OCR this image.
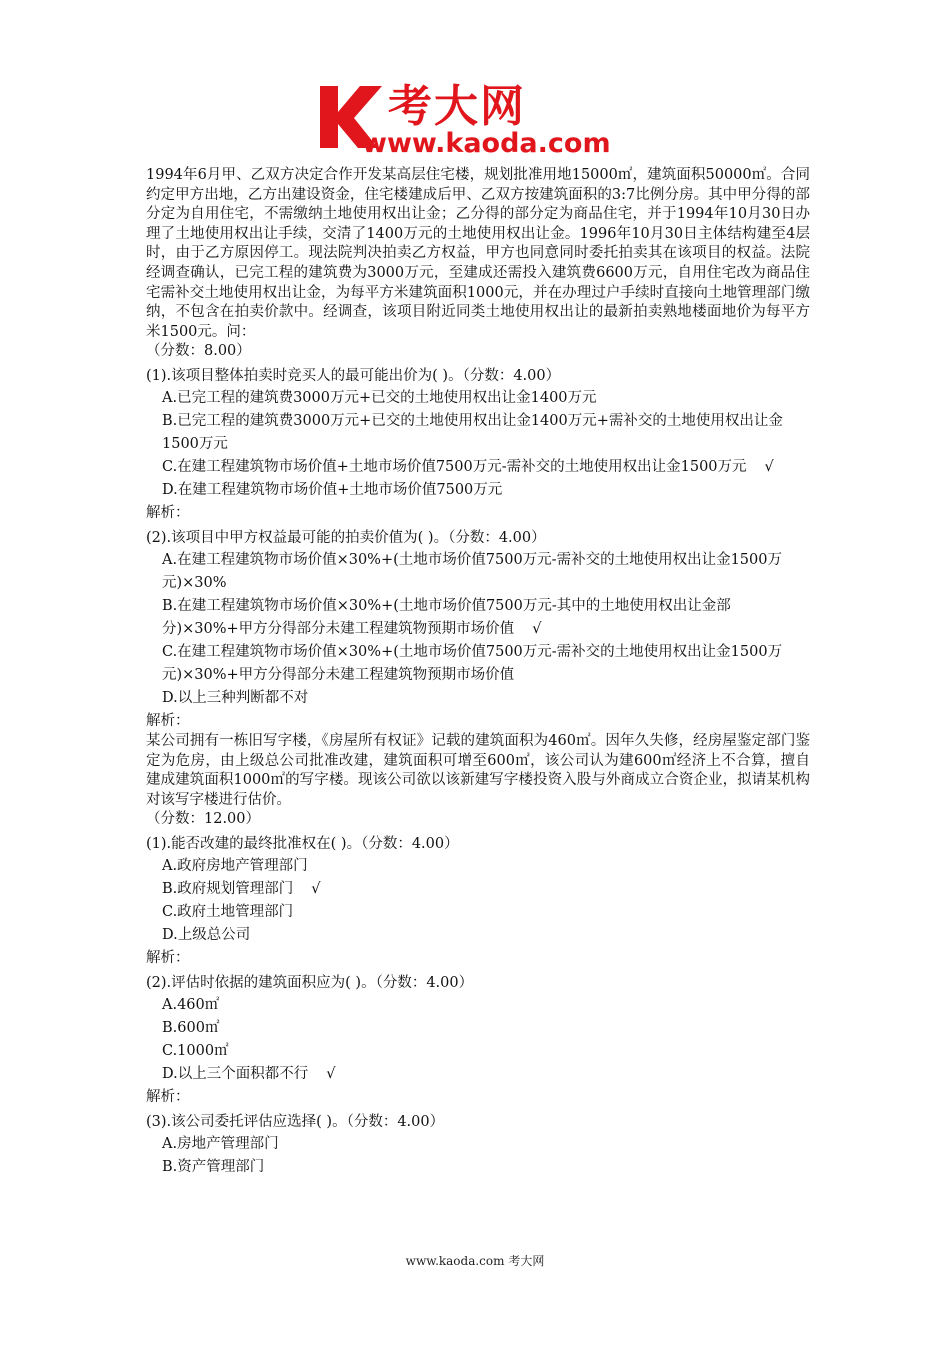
考大网
www.kaoda.com

1994年6月甲、乙双方决定合作开发某高层住宅楼，规划批准用地15000㎡，建筑面积50000㎡。合同约定甲方出地，乙方出建设资金，住宅楼建成后甲、乙双方按建筑面积的3:7比例分房。其中甲分得的部分定为自用住宅，不需缴纳土地使用权出让金；乙分得的部分定为商品住宅，并于1994年10月30日办理了土地使用权出让手续，交清了1400万元的土地使用权出让金。1996年10月30日主体结构建至4层时，由于乙方原因停工。现法院判决拍卖乙方权益，甲方也同意同时委托拍卖其在该项目的权益。法院经调查确认，已完工程的建筑费为3000万元，至建成还需投入建筑费6600万元，自用住宅改为商品住宅需补交土地使用权出让金，为每平方米建筑面积1000元，并在办理过户手续时直接向土地管理部门缴纳，不包含在拍卖价款中。经调查，该项目附近同类土地使用权出让的最新拍卖熟地楼面地价为每平方米1500元。问：

（分数：8.00）

(1).该项目整体拍卖时竞买人的最可能出价为( )。（分数：4.00）

A.已完工程的建筑费3000万元+已交的土地使用权出让金1400万元

B.已完工程的建筑费3000万元+已交的土地使用权出让金1400万元+需补交的土地使用权出让金1500万元

C.在建工程建筑物市场价值+土地市场价值7500万元-需补交的土地使用权出让金1500万元 √

D.在建工程建筑物市场价值+土地市场价值7500万元

解析：

(2).该项目中甲方权益最可能的拍卖价值为( )。（分数：4.00）

A.在建工程建筑物市场价值×30%+(土地市场价值7500万元-需补交的土地使用权出让金1500万元)×30%

B.在建工程建筑物市场价值×30%+(土地市场价值7500万元-其中的土地使用权出让金部分)×30%+甲方分得部分未建工程建筑物预期市场价值 √

C.在建工程建筑物市场价值×30%+(土地市场价值7500万元-需补交的土地使用权出让金1500万元)×30%+甲方分得部分未建工程建筑物预期市场价值

D.以上三种判断都不对

解析：

某公司拥有一栋旧写字楼，《房屋所有权证》记载的建筑面积为460㎡。因年久失修，经房屋鉴定部门鉴定为危房，由上级总公司批准改建，建筑面积可增至600㎡，该公司认为建600㎡经济上不合算，擅自建成建筑面积1000㎡的写字楼。现该公司欲以该新建写字楼投资入股与外商成立合资企业，拟请某机构对该写字楼进行估价。

（分数：12.00）

(1).能否改建的最终批准权在( )。（分数：4.00）

A.政府房地产管理部门

B.政府规划管理部门 √

C.政府土地管理部门

D.上级总公司

解析：

(2).评估时依据的建筑面积应为( )。（分数：4.00）

A.460㎡

B.600㎡

C.1000㎡

D.以上三个面积都不行 √

解析：

(3).该公司委托评估应选择( )。（分数：4.00）

A.房地产管理部门

B.资产管理部门

www.kaoda.com 考大网
